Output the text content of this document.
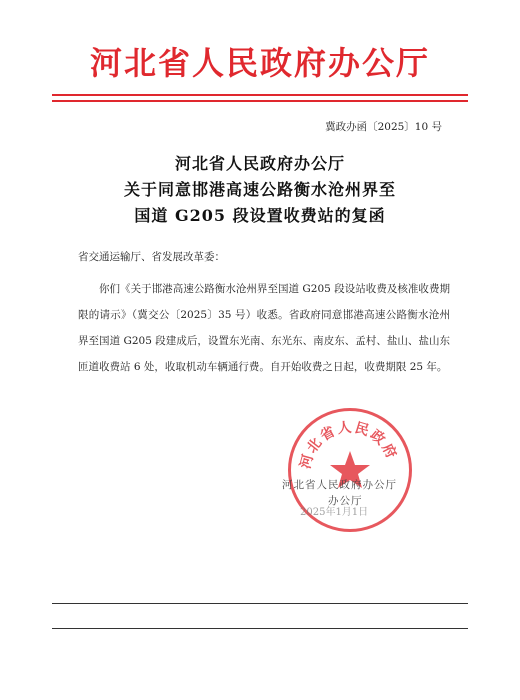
河北省人民政府办公厅
冀政办函〔2025〕10 号
河北省人民政府办公厅
关于同意邯港高速公路衡水沧州界至
国道 G205 段设置收费站的复函
省交通运输厅、省发展改革委：
你们《关于邯港高速公路衡水沧州界至国道 G205 段设站收费及核准收费期限的请示》（冀交公〔2025〕35 号）收悉。省政府同意邯港高速公路衡水沧州界至国道 G205 段建成后，设置东光南、东光东、南皮东、孟村、盐山、盐山东匝道收费站 6 处，收取机动车辆通行费。自开始收费之日起，收费期限 25 年。
河北省人民政府
河北省人民政府办公厅
办公厅
2025年1月1日
